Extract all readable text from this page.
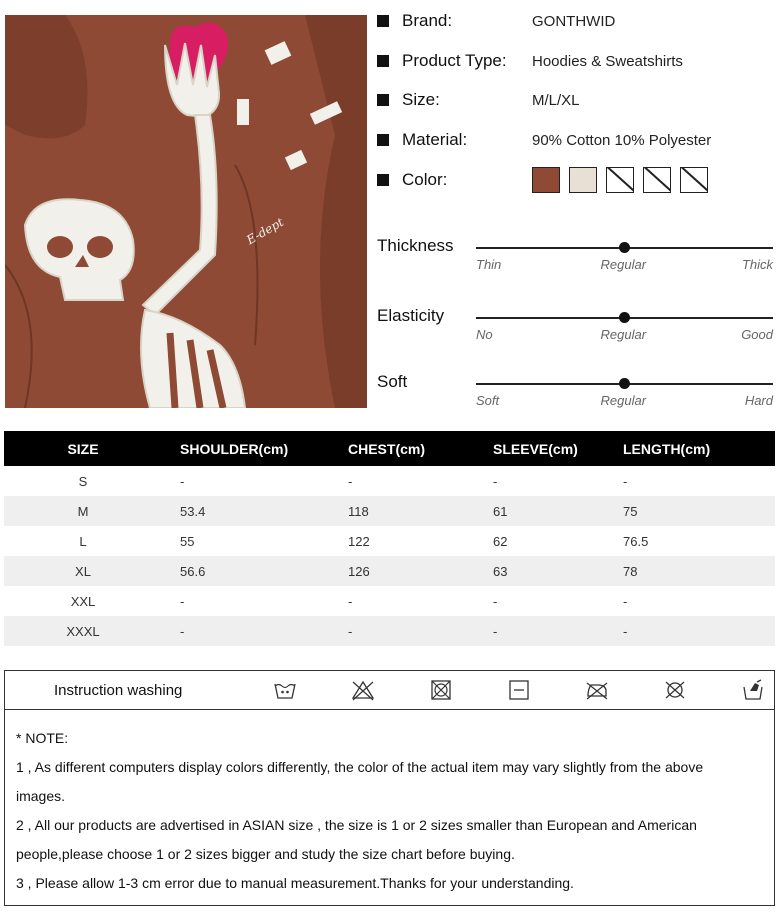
E-dept
Brand:	GONTHWID
Product Type:	Hoodies & Sweatshirts
Size:	M/L/XL
Material:	90% Cotton 10% Polyester
Color:
Thickness
Thin	Regular	Thick
Elasticity
No	Regular	Good
Soft
Soft	Regular	Hard
SIZE	SHOULDER(cm)	CHEST(cm)	SLEEVE(cm)	LENGTH(cm)
S	-	-	-	-
M	53.4	118	61	75
L	55	122	62	76.5
XL	56.6	126	63	78
XXL	-	-	-	-
XXXL	-	-	-	-
Instruction washing

* NOTE:

1 , As different computers display colors differently, the color of the actual item may vary slightly from the above

images.

2 , All our products are advertised in ASIAN size , the size is 1 or 2 sizes smaller than European and American

people,please choose 1 or 2 sizes bigger and study the size chart before buying.

3 , Please allow 1-3 cm error due to manual measurement.Thanks for your understanding.
